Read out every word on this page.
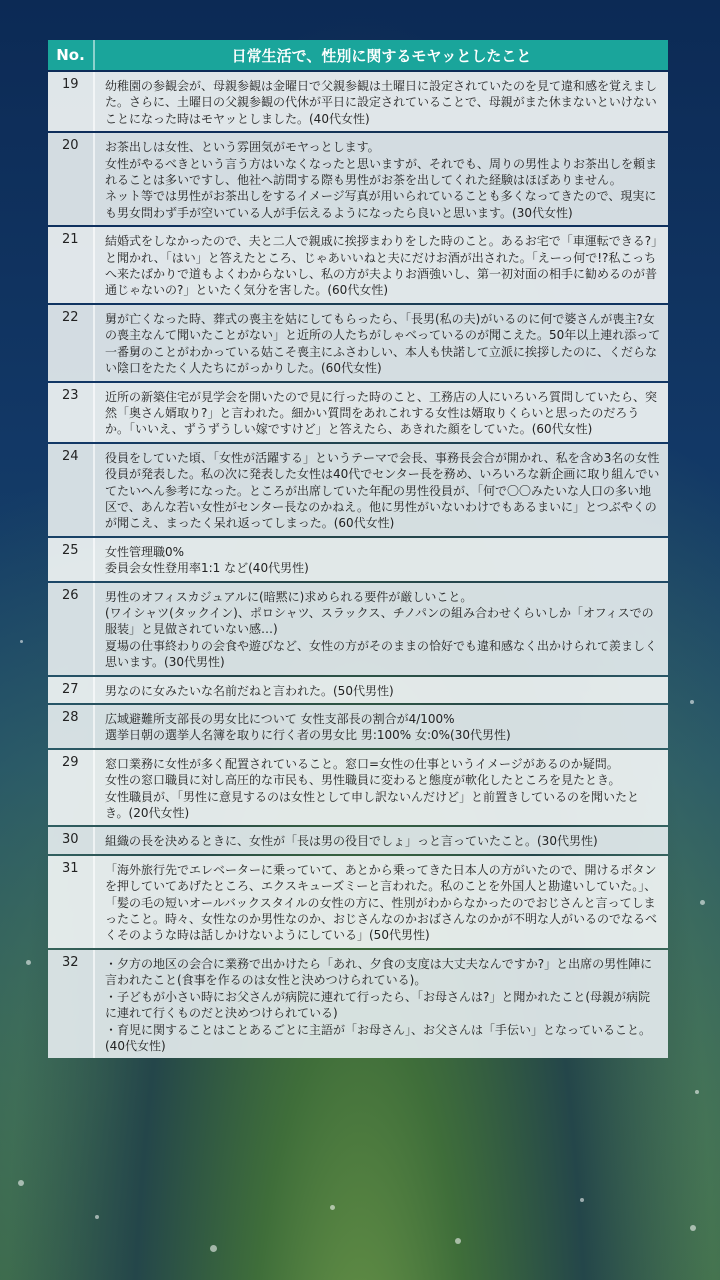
No.	日常生活で、性別に関するモヤッとしたこと
19	幼稚園の参観会が、母親参観は金曜日で父親参観は土曜日に設定されていたのを見て違和感を覚えました。さらに、土曜日の父親参観の代休が平日に設定されていることで、母親がまた休まないといけないことになった時はモヤッとしました。(40代女性)

20	お茶出しは女性、という雰囲気がモヤっとします。
女性がやるべきという言う方はいなくなったと思いますが、それでも、周りの男性よりお茶出しを頼まれることは多いですし、他社へ訪問する際も男性がお茶を出してくれた経験はほぼありません。
ネット等では男性がお茶出しをするイメージ写真が用いられていることも多くなってきたので、現実にも男女問わず手が空いている人が手伝えるようになったら良いと思います。(30代女性)

21	結婚式をしなかったので、夫と二人で親戚に挨拶まわりをした時のこと。あるお宅で「車運転できる?」と聞かれ、「はい」と答えたところ、じゃあいいねと夫にだけお酒が出された。「えーっ何で!?私こっちへ来たばかりで道もよくわからないし、私の方が夫よりお酒強いし、第一初対面の相手に勧めるのが普通じゃないの?」といたく気分を害した。(60代女性)

22	舅が亡くなった時、葬式の喪主を姑にしてもらったら、「長男(私の夫)がいるのに何で婆さんが喪主?女の喪主なんて聞いたことがない」と近所の人たちがしゃべっているのが聞こえた。50年以上連れ添って一番舅のことがわかっている姑こそ喪主にふさわしい、本人も快諾して立派に挨拶したのに、くだらない陰口をたたく人たちにがっかりした。(60代女性)

23	近所の新築住宅が見学会を開いたので見に行った時のこと、工務店の人にいろいろ質問していたら、突然「奥さん婿取り?」と言われた。細かい質問をあれこれする女性は婿取りくらいと思ったのだろうか。「いいえ、ずうずうしい嫁ですけど」と答えたら、あきれた顔をしていた。(60代女性)

24	役員をしていた頃、「女性が活躍する」というテーマで会長、事務長会合が開かれ、私を含め3名の女性役員が発表した。私の次に発表した女性は40代でセンター長を務め、いろいろな新企画に取り組んでいてたいへん参考になった。ところが出席していた年配の男性役員が、「何で〇〇みたいな人口の多い地区で、あんな若い女性がセンター長なのかねえ。他に男性がいないわけでもあるまいに」とつぶやくのが聞こえ、まったく呆れ返ってしまった。(60代女性)

25	女性管理職0%
委員会女性登用率1:1 など(40代男性)

26	男性のオフィスカジュアルに(暗黙に)求められる要件が厳しいこと。
(ワイシャツ(タックイン)、ポロシャツ、スラックス、チノパンの組み合わせくらいしか「オフィスでの服装」と見做されていない感…)
夏場の仕事終わりの会食や遊びなど、女性の方がそのままの恰好でも違和感なく出かけられて羨ましく思います。(30代男性)

27	男なのに女みたいな名前だねと言われた。(50代男性)

28	広域避難所支部長の男女比について 女性支部長の割合が4/100%
選挙日朝の選挙人名簿を取りに行く者の男女比 男:100% 女:0%(30代男性)

29	窓口業務に女性が多く配置されていること。窓口=女性の仕事というイメージがあるのか疑問。
女性の窓口職員に対し高圧的な市民も、男性職員に変わると態度が軟化したところを見たとき。
女性職員が、「男性に意見するのは女性として申し訳ないんだけど」と前置きしているのを聞いたとき。(20代女性)

30	組織の長を決めるときに、女性が「長は男の役目でしょ」っと言っていたこと。(30代男性)

31	「海外旅行先でエレベーターに乗っていて、あとから乗ってきた日本人の方がいたので、開けるボタンを押していてあげたところ、エクスキューズミーと言われた。私のことを外国人と勘違いしていた。」、「髪の毛の短いオールバックスタイルの女性の方に、性別がわからなかったのでおじさんと言ってしまったこと。時々、女性なのか男性なのか、おじさんなのかおばさんなのかが不明な人がいるのでなるべくそのような時は話しかけないようにしている」(50代男性)

32	・夕方の地区の会合に業務で出かけたら「あれ、夕食の支度は大丈夫なんですか?」と出席の男性陣に言われたこと(食事を作るのは女性と決めつけられている)。
・子どもが小さい時にお父さんが病院に連れて行ったら、「お母さんは?」と聞かれたこと(母親が病院に連れて行くものだと決めつけられている)
・育児に関することはことあるごとに主語が「お母さん」、お父さんは「手伝い」となっていること。(40代女性)
